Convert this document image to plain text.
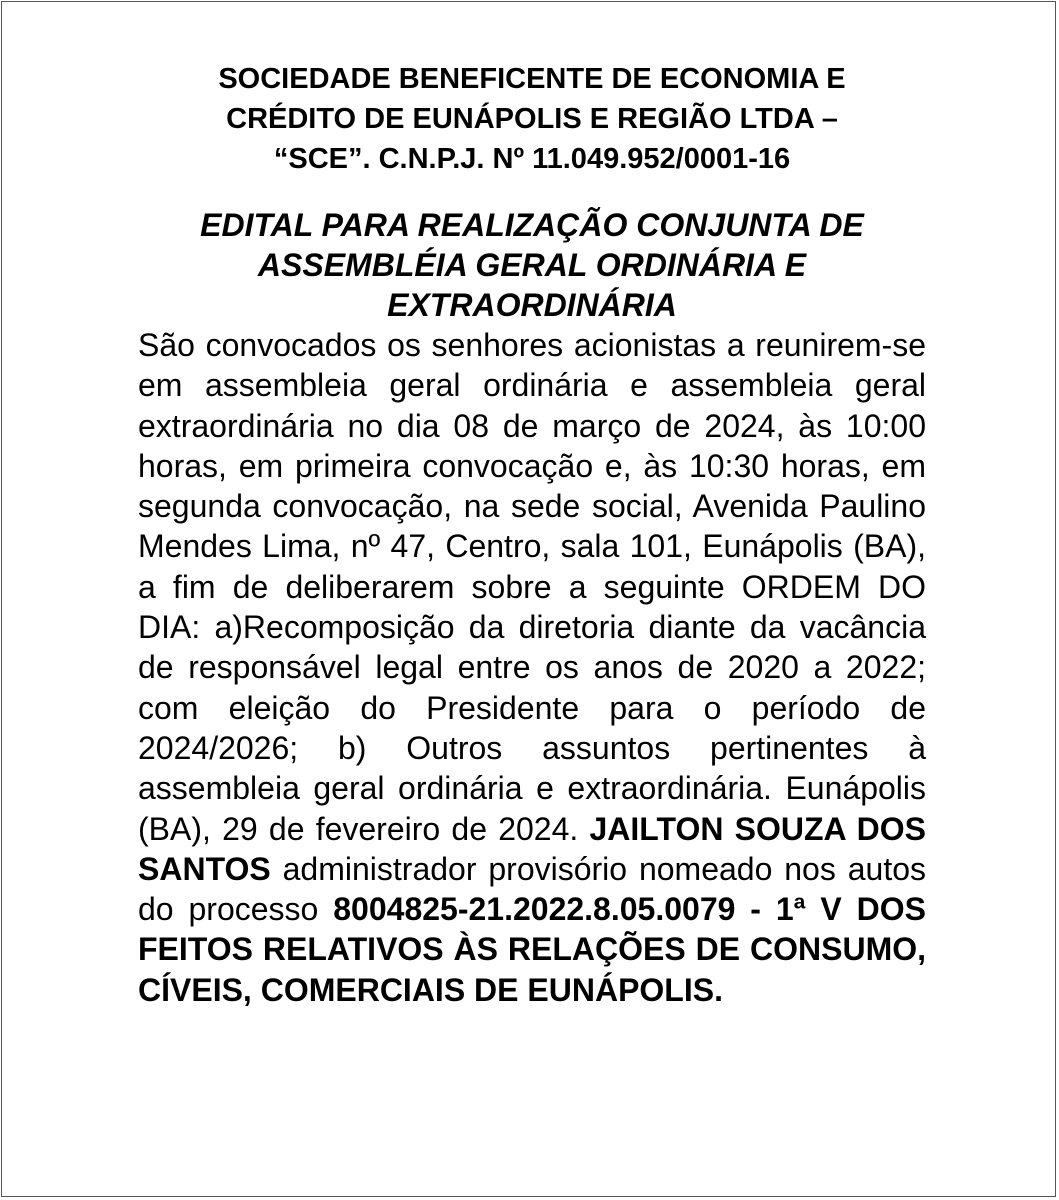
SOCIEDADE BENEFICENTE DE ECONOMIA E
CRÉDITO DE EUNÁPOLIS E REGIÃO LTDA –
“SCE”. C.N.P.J. Nº 11.049.952/0001-16
EDITAL PARA REALIZAÇÃO CONJUNTA DE
ASSEMBLÉIA GERAL ORDINÁRIA E
EXTRAORDINÁRIA

São convocados os senhores acionistas a reunirem-se em assembleia geral ordinária e assembleia geral extraordinária no dia 08 de março de 2024, às 10:00 horas, em primeira convocação e, às 10:30 horas, em segunda convocação, na sede social, Avenida Paulino Mendes Lima, nº 47, Centro, sala 101, Eunápolis (BA), a fim de deliberarem sobre a seguinte ORDEM DO DIA: a)Recomposição da diretoria diante da vacância de responsável legal entre os anos de 2020 a 2022; com eleição do Presidente para o período de 2024/2026; b) Outros assuntos pertinentes à assembleia geral ordinária e extraordinária. Eunápolis (BA), 29 de fevereiro de 2024. JAILTON SOUZA DOS SANTOS administrador provisório nomeado nos autos do processo 8004825-21.2022.8.05.0079 - 1ª V DOS FEITOS RELATIVOS ÀS RELAÇÕES DE CONSUMO, CÍVEIS, COMERCIAIS DE EUNÁPOLIS.
